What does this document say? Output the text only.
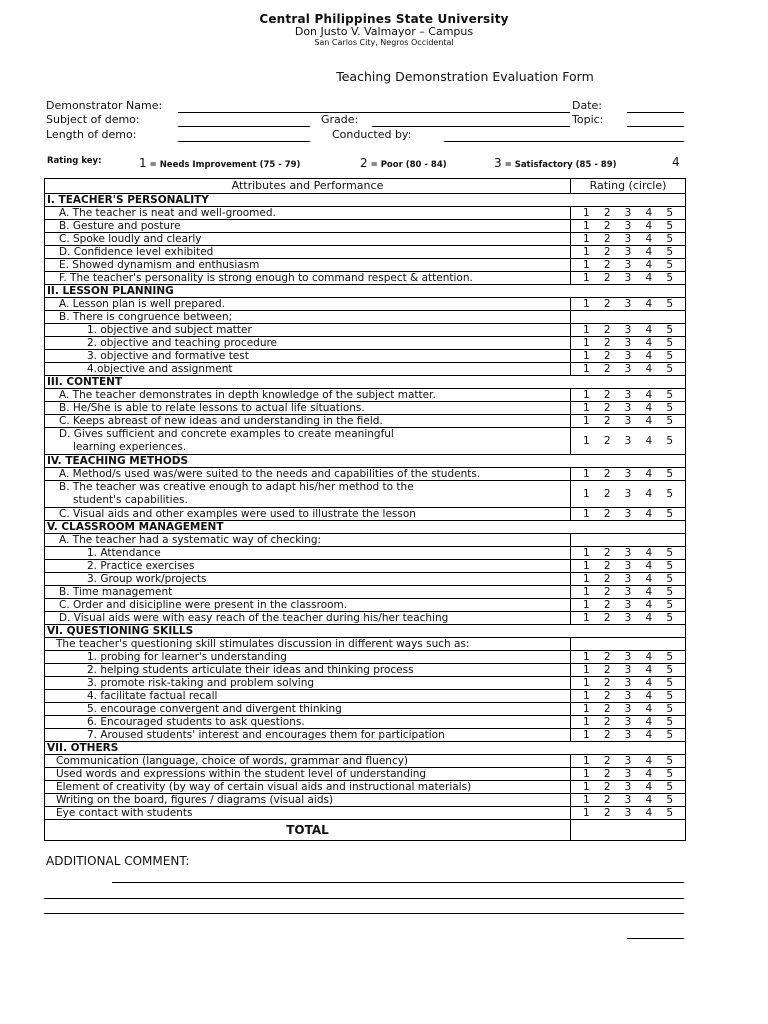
Central Philippines State University
Don Justo V. Valmayor – Campus
San Carlos City, Negros Occidental
Teaching Demonstration Evaluation Form
Demonstrator Name:	Date:
Subject of demo:	Grade:	Topic:
Length of demo:	Conducted by:
Rating key:	1 = Needs Improvement (75 - 79)	2 = Poor (80 - 84)	3 = Satisfactory (85 - 89)	4
Attributes and Performance	Rating (circle)
I. TEACHER'S PERSONALITY	
A. The teacher is neat and well-groomed.	1 2 3 4 5

B. Gesture and posture	1 2 3 4 5

C. Spoke loudly and clearly	1 2 3 4 5

D. Confidence level exhibited	1 2 3 4 5

E. Showed dynamism and enthusiasm	1 2 3 4 5

F. The teacher's personality is strong enough to command respect & attention.	1 2 3 4 5

II. LESSON PLANNING	
A. Lesson plan is well prepared.	1 2 3 4 5

B. There is congruence between;	
1. objective and subject matter	1 2 3 4 5

2. objective and teaching procedure	1 2 3 4 5

3. objective and formative test	1 2 3 4 5

4.objective and assignment	1 2 3 4 5

III. CONTENT	
A. The teacher demonstrates in depth knowledge of the subject matter.	1 2 3 4 5

B. He/She is able to relate lessons to actual life situations.	1 2 3 4 5

C. Keeps abreast of new ideas and understanding in the field.	1 2 3 4 5

D. Gives sufficient and concrete examples to create meaningful
learning experiences.	1 2 3 4 5

IV. TEACHING METHODS	
A. Method/s used was/were suited to the needs and capabilities of the students.	1 2 3 4 5

B. The teacher was creative enough to adapt his/her method to the
student's capabilities.	1 2 3 4 5

C. Visual aids and other examples were used to illustrate the lesson	1 2 3 4 5

V. CLASSROOM MANAGEMENT	
A. The teacher had a systematic way of checking:	
1. Attendance	1 2 3 4 5

2. Practice exercises	1 2 3 4 5

3. Group work/projects	1 2 3 4 5

B. Time management	1 2 3 4 5

C. Order and disicipline were present in the classroom.	1 2 3 4 5

D. Visual aids were with easy reach of the teacher during his/her teaching	1 2 3 4 5

VI. QUESTIONING SKILLS	
The teacher's questioning skill stimulates discussion in different ways such as:	
1. probing for learner's understanding	1 2 3 4 5

2. helping students articulate their ideas and thinking process	1 2 3 4 5

3. promote risk-taking and problem solving	1 2 3 4 5

4. facilitate factual recall	1 2 3 4 5

5. encourage convergent and divergent thinking	1 2 3 4 5

6. Encouraged students to ask questions.	1 2 3 4 5

7. Aroused students' interest and encourages them for participation	1 2 3 4 5

VII. OTHERS	
Communication (language, choice of words, grammar and fluency)	1 2 3 4 5

Used words and expressions within the student level of understanding	1 2 3 4 5

Element of creativity (by way of certain visual aids and instructional materials)	1 2 3 4 5

Writing on the board, figures / diagrams (visual aids)	1 2 3 4 5

Eye contact with students	1 2 3 4 5

TOTAL	
ADDITIONAL COMMENT:
